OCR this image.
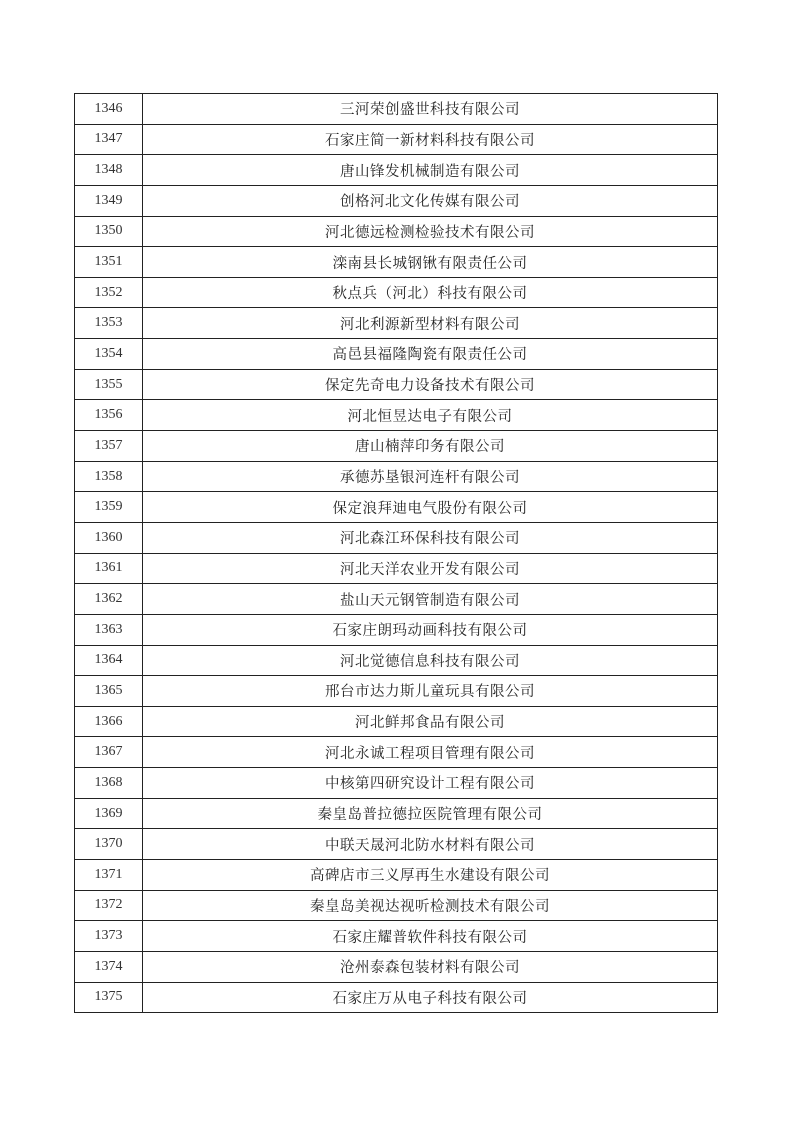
1346	三河荣创盛世科技有限公司
1347	石家庄简一新材料科技有限公司
1348	唐山锋发机械制造有限公司
1349	创格河北文化传媒有限公司
1350	河北德远检测检验技术有限公司
1351	滦南县长城钢锹有限责任公司
1352	秋点兵（河北）科技有限公司
1353	河北利源新型材料有限公司
1354	高邑县福隆陶瓷有限责任公司
1355	保定先奇电力设备技术有限公司
1356	河北恒昱达电子有限公司
1357	唐山楠萍印务有限公司
1358	承德苏垦银河连杆有限公司
1359	保定浪拜迪电气股份有限公司
1360	河北森江环保科技有限公司
1361	河北天洋农业开发有限公司
1362	盐山天元钢管制造有限公司
1363	石家庄朗玛动画科技有限公司
1364	河北觉德信息科技有限公司
1365	邢台市达力斯儿童玩具有限公司
1366	河北鲜邦食品有限公司
1367	河北永诚工程项目管理有限公司
1368	中核第四研究设计工程有限公司
1369	秦皇岛普拉德拉医院管理有限公司
1370	中联天晟河北防水材料有限公司
1371	高碑店市三义厚再生水建设有限公司
1372	秦皇岛美视达视听检测技术有限公司
1373	石家庄耀普软件科技有限公司
1374	沧州泰森包装材料有限公司
1375	石家庄万从电子科技有限公司
